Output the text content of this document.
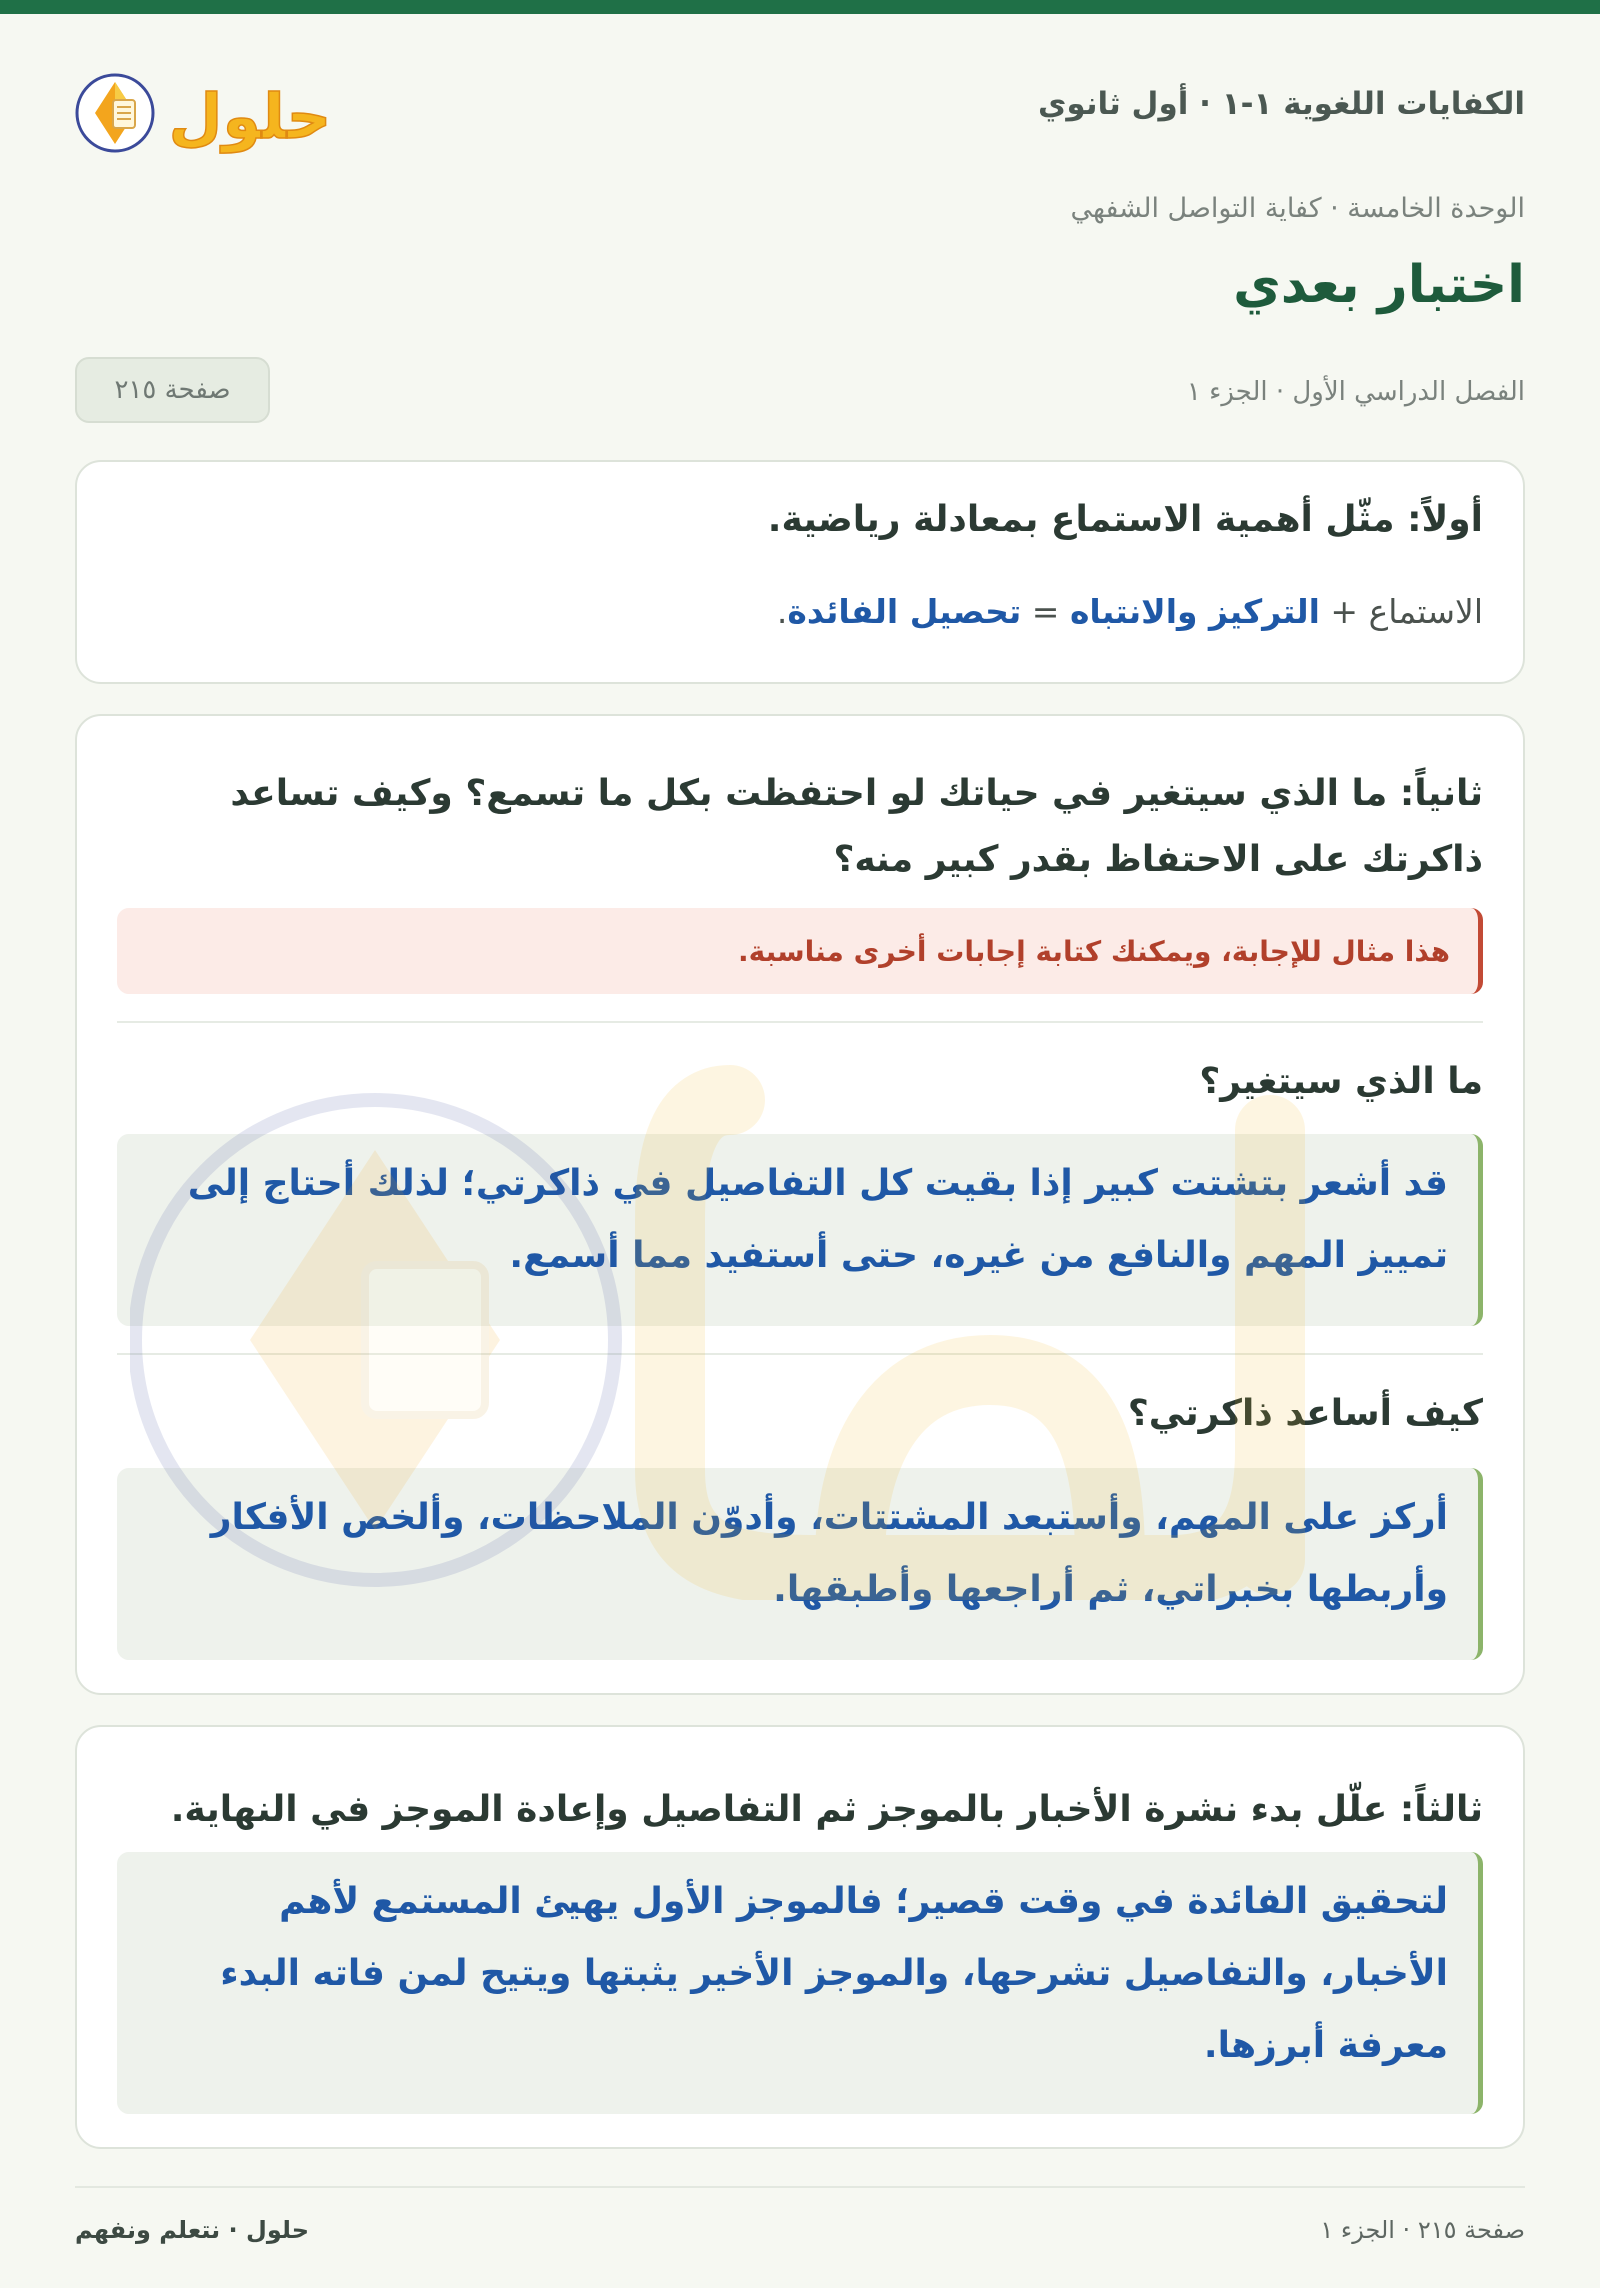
الكفايات اللغوية ١-١ · أول ثانوي
حلول
الوحدة الخامسة · كفاية التواصل الشفهي
اختبار بعدي
الفصل الدراسي الأول · الجزء ١
صفحة ٢١٥
أولاً: مثّل أهمية الاستماع بمعادلة رياضية.
الاستماع + التركيز والانتباه = تحصيل الفائدة.
ثانياً: ما الذي سيتغير في حياتك لو احتفظت بكل ما تسمع؟ وكيف تساعد ذاكرتك على الاحتفاظ بقدر كبير منه؟
هذا مثال للإجابة، ويمكنك كتابة إجابات أخرى مناسبة.
ما الذي سيتغير؟
قد أشعر بتشتت كبير إذا بقيت كل التفاصيل في ذاكرتي؛ لذلك أحتاج إلى تمييز المهم والنافع من غيره، حتى أستفيد مما أسمع.
كيف أساعد ذاكرتي؟
أركز على المهم، وأستبعد المشتتات، وأدوّن الملاحظات، وألخص الأفكار وأربطها بخبراتي، ثم أراجعها وأطبقها.
ثالثاً: علّل بدء نشرة الأخبار بالموجز ثم التفاصيل وإعادة الموجز في النهاية.
لتحقيق الفائدة في وقت قصير؛ فالموجز الأول يهيئ المستمع لأهم الأخبار، والتفاصيل تشرحها، والموجز الأخير يثبتها ويتيح لمن فاته البدء معرفة أبرزها.
صفحة ٢١٥ · الجزء ١
حلول · نتعلم ونفهم
